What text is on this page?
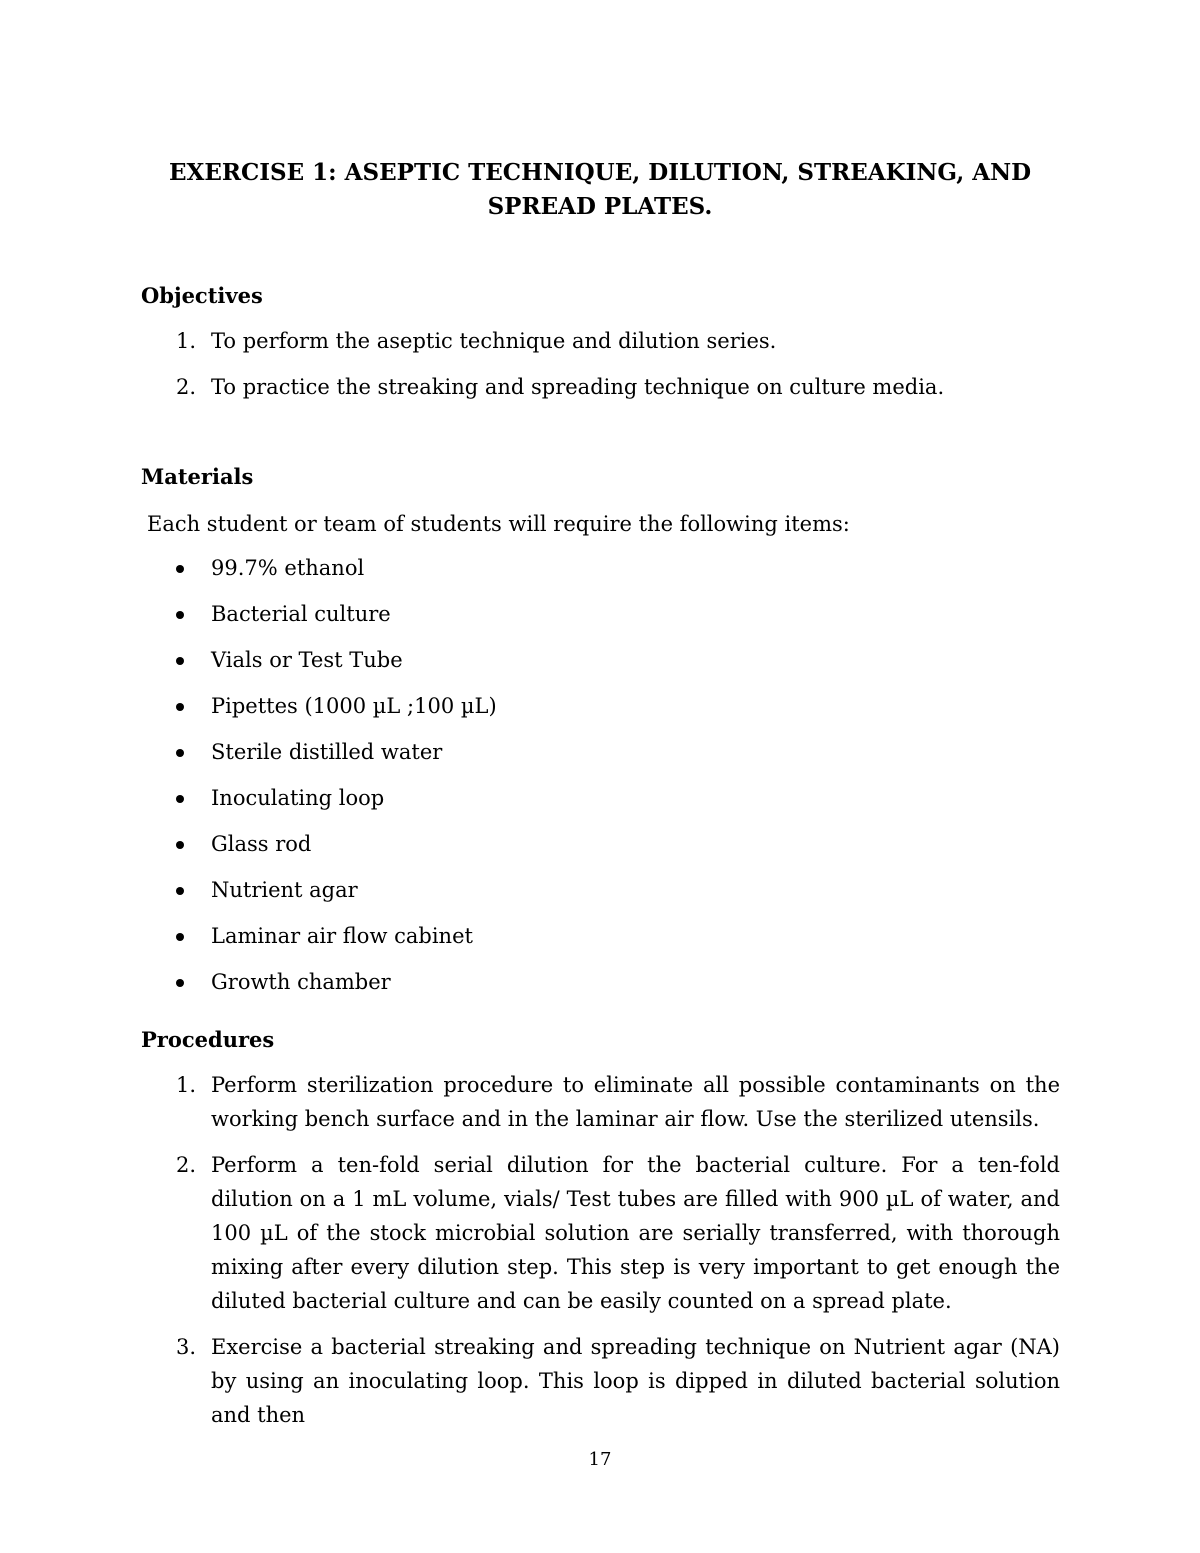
EXERCISE 1: ASEPTIC TECHNIQUE, DILUTION, STREAKING, AND SPREAD PLATES.
Objectives
1. To perform the aseptic technique and dilution series.
2. To practice the streaking and spreading technique on culture media.
Materials

Each student or team of students will require the following items:

99.7% ethanol
Bacterial culture
Vials or Test Tube
Pipettes (1000 µL ;100 µL)
Sterile distilled water
Inoculating loop
Glass rod
Nutrient agar
Laminar air flow cabinet
Growth chamber
Procedures
1. Perform sterilization procedure to eliminate all possible contaminants on the working bench surface and in the laminar air flow. Use the sterilized utensils.
2. Perform a ten-fold serial dilution for the bacterial culture. For a ten-fold dilution on a 1 mL volume, vials/ Test tubes are filled with 900 µL of water, and 100 µL of the stock microbial solution are serially transferred, with thorough mixing after every dilution step. This step is very important to get enough the diluted bacterial culture and can be easily counted on a spread plate.
3. Exercise a bacterial streaking and spreading technique on Nutrient agar (NA) by using an inoculating loop. This loop is dipped in diluted bacterial solution and then
17
